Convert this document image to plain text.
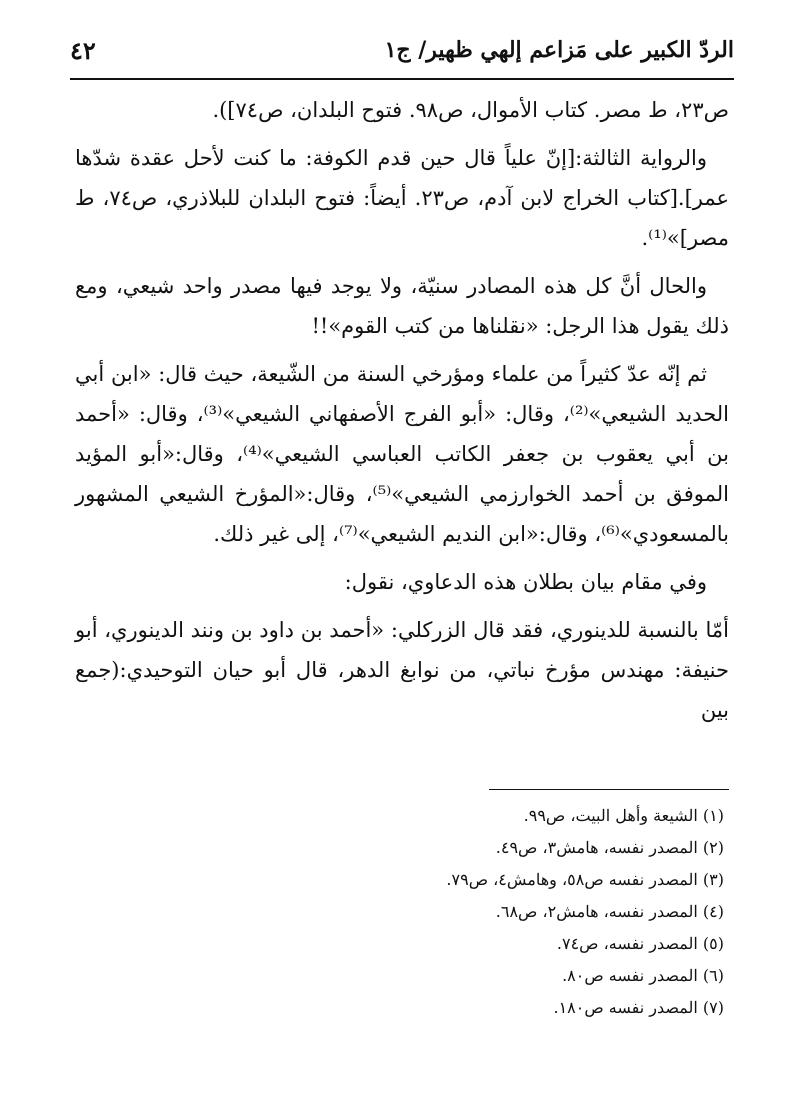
الردّ الكبير على مَزاعم إلهي ظهير/ ج١
٤٢

ص٢٣، ط مصر. كتاب الأموال، ص٩٨. فتوح البلدان، ص٧٤]).

والرواية الثالثة:[إنّ علياً قال حين قدم الكوفة: ما كنت لأحل عقدة شدّها عمر].[كتاب الخراج لابن آدم، ص٢٣. أيضاً: فتوح البلدان للبلاذري، ص٧٤، ط مصر]»⁽¹⁾.

والحال أنَّ كل هذه المصادر سنيّة، ولا يوجد فيها مصدر واحد شيعي، ومع ذلك يقول هذا الرجل: «نقلناها من كتب القوم»!!

ثم إنّه عدّ كثيراً من علماء ومؤرخي السنة من الشّيعة، حيث قال: «ابن أبي الحديد الشيعي»⁽²⁾، وقال: «أبو الفرج الأصفهاني الشيعي»⁽³⁾، وقال: «أحمد بن أبي يعقوب بن جعفر الكاتب العباسي الشيعي»⁽⁴⁾، وقال:«أبو المؤيد الموفق بن أحمد الخوارزمي الشيعي»⁽⁵⁾، وقال:«المؤرخ الشيعي المشهور بالمسعودي»⁽⁶⁾، وقال:«ابن النديم الشيعي»⁽⁷⁾، إلى غير ذلك.

وفي مقام بيان بطلان هذه الدعاوي، نقول:

أمّا بالنسبة للدينوري، فقد قال الزركلي: «أحمد بن داود بن ونند الدينوري، أبو حنيفة: مهندس مؤرخ نباتي، من نوابغ الدهر، قال أبو حيان التوحيدي:(جمع بين

(١) الشيعة وأهل البيت، ص٩٩.
(٢) المصدر نفسه، هامش٣، ص٤٩.
(٣) المصدر نفسه ص٥٨، وهامش٤، ص٧٩.
(٤) المصدر نفسه، هامش٢، ص٦٨.
(٥) المصدر نفسه، ص٧٤.
(٦) المصدر نفسه ص٨٠.
(٧) المصدر نفسه ص١٨٠.
